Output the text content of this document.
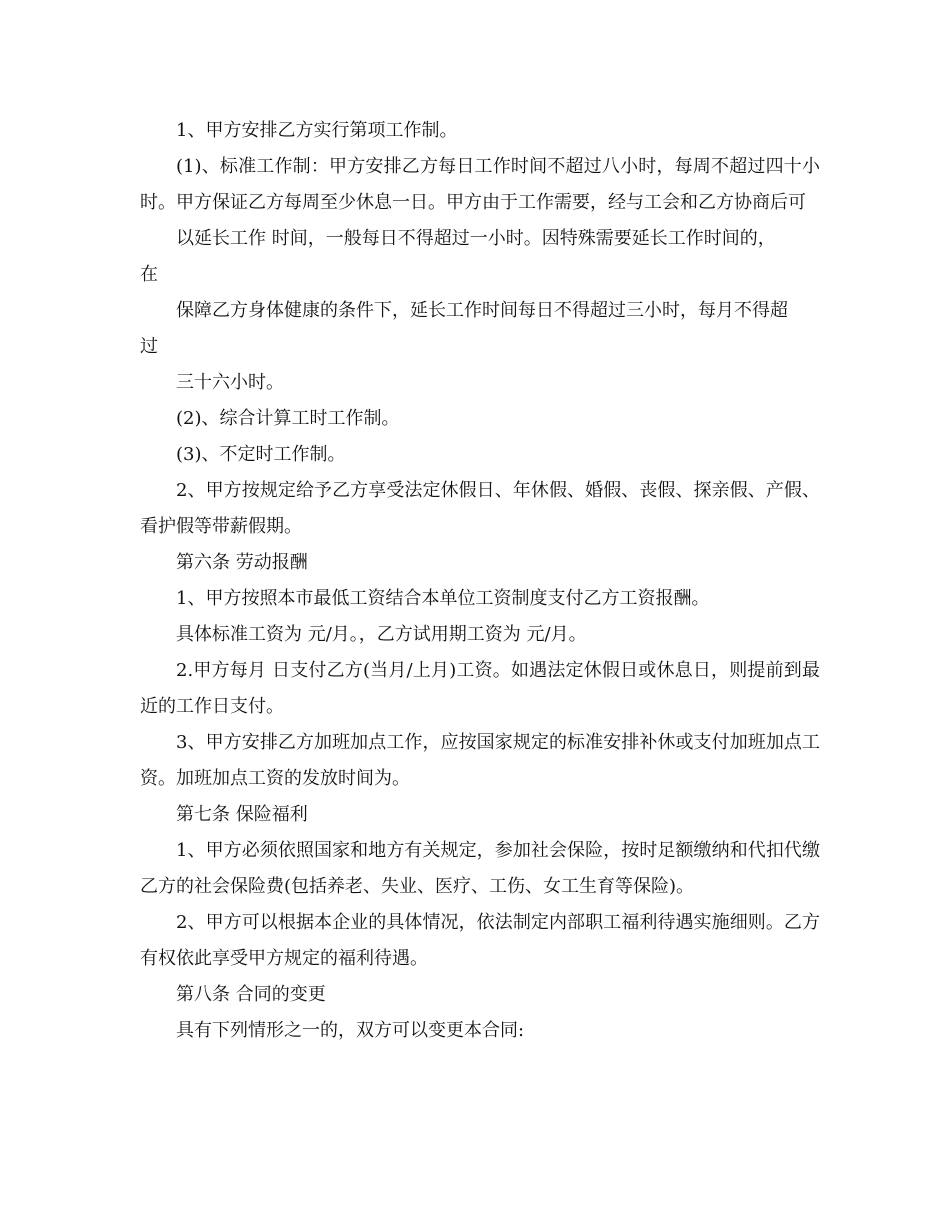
1、甲方安排乙方实行第项工作制。

(1)、标准工作制：甲方安排乙方每日工作时间不超过八小时，每周不超过四十小时。甲方保证乙方每周至少休息一日。甲方由于工作需要，经与工会和乙方协商后可

以延长工作 时间，一般每日不得超过一小时。因特殊需要延长工作时间的，
在

保障乙方身体健康的条件下，延长工作时间每日不得超过三小时，每月不得超
过

三十六小时。

(2)、综合计算工时工作制。

(3)、不定时工作制。

2、甲方按规定给予乙方享受法定休假日、年休假、婚假、丧假、探亲假、产假、看护假等带薪假期。

第六条 劳动报酬

1、甲方按照本市最低工资结合本单位工资制度支付乙方工资报酬。

具体标准工资为 元/月。，乙方试用期工资为 元/月。

2.甲方每月 日支付乙方(当月/上月)工资。如遇法定休假日或休息日，则提前到最近的工作日支付。

3、甲方安排乙方加班加点工作，应按国家规定的标准安排补休或支付加班加点工资。加班加点工资的发放时间为。

第七条 保险福利

1、甲方必须依照国家和地方有关规定，参加社会保险，按时足额缴纳和代扣代缴乙方的社会保险费(包括养老、失业、医疗、工伤、女工生育等保险)。

2、甲方可以根据本企业的具体情况，依法制定内部职工福利待遇实施细则。乙方有权依此享受甲方规定的福利待遇。

第八条 合同的变更

具有下列情形之一的，双方可以变更本合同:
